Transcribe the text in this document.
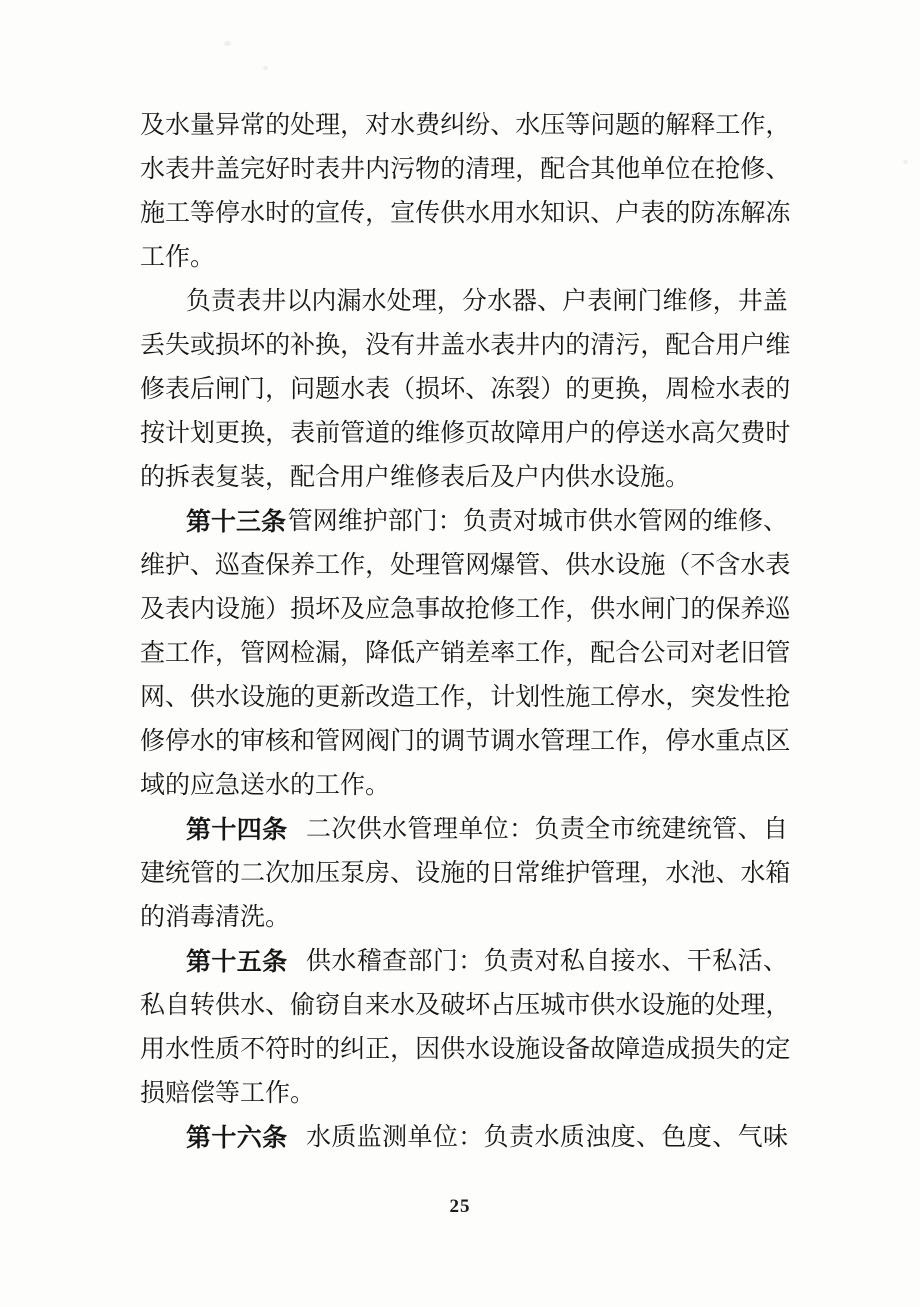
及 水 量 异 常 的 处 理 ， 对 水 费 纠 纷 、 水 压 等 问 题 的 解 释 工 作 ，
水 表 井 盖 完 好 时 表 井 内 污 物 的 清 理 ， 配 合 其 他 单 位 在 抢 修 、
施 工 等 停 水 时 的 宣 传 ， 宣 传 供 水 用 水 知 识 、 户 表 的 防 冻 解 冻
工作。
负 责 表 井 以 内 漏 水 处 理 ， 分 水 器 、 户 表 闸 门 维 修 ， 井 盖
丢 失 或 损 坏 的 补 换 ， 没 有 井 盖 水 表 井 内 的 清 污 ， 配 合 用 户 维
修 表 后 闸 门 ， 问 题 水 表 （ 损 坏 、 冻 裂 ） 的 更 换 ， 周 检 水 表 的
按 计 划 更 换 ， 表 前 管 道 的 维 修 页 故 障 用 户 的 停 送 水 高 欠 费 时
的拆表复装，配合用户维修表后及户内供水设施。
第 十 三 条 管 网 维 护 部 门 ： 负 责 对 城 市 供 水 管 网 的 维 修 、
维 护 、 巡 查 保 养 工 作 ， 处 理 管 网 爆 管 、 供 水 设 施 （ 不 含 水 表
及 表 内 设 施 ） 损 坏 及 应 急 事 故 抢 修 工 作 ， 供 水 闸 门 的 保 养 巡
查 工 作 ， 管 网 检 漏 ， 降 低 产 销 差 率 工 作 ， 配 合 公 司 对 老 旧 管
网 、 供 水 设 施 的 更 新 改 造 工 作 ， 计 划 性 施 工 停 水 ， 突 发 性 抢
修 停 水 的 审 核 和 管 网 阀 门 的 调 节 调 水 管 理 工 作 ， 停 水 重 点 区
域的应急送水的工作。
第 十 四 条 二 次 供 水 管 理 单 位 ： 负 责 全 市 统 建 统 管 、 自
建 统 管 的 二 次 加 压 泵 房 、 设 施 的 日 常 维 护 管 理 ， 水 池 、 水 箱
的消毒清洗。
第 十 五 条 供 水 稽 查 部 门 ： 负 责 对 私 自 接 水 、 干 私 活 、
私 自 转 供 水 、 偷 窃 自 来 水 及 破 坏 占 压 城 市 供 水 设 施 的 处 理 ，
用 水 性 质 不 符 时 的 纠 正 ， 因 供 水 设 施 设 备 故 障 造 成 损 失 的 定
损赔偿等工作。
第 十 六 条 水 质 监 测 单 位 ： 负 责 水 质 浊 度 、 色 度 、 气 味
25
